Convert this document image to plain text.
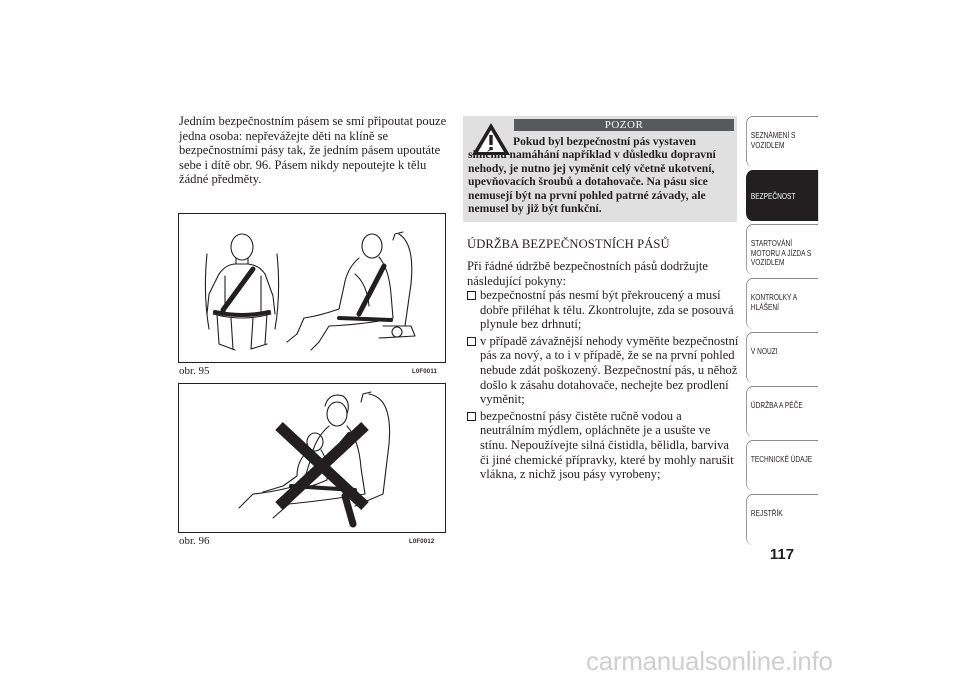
Jedním bezpečnostním pásem se smí připoutat pouze jedna osoba: nepřevážejte děti na klíně se bezpečnostními pásy tak, že jedním pásem upoutáte sebe i dítě obr. 96. Pásem nikdy nepoutejte k tělu žádné předměty.

obr. 95	L0F0011
obr. 96	L0F0012
POZOR

Pokud byl bezpečnostní pás vystaven silnému namáhání například v důsledku dopravní nehody, je nutno jej vyměnit celý včetně ukotvení, upevňovacích šroubů a dotahovače. Na pásu sice nemusejí být na první pohled patrné závady, ale nemusel by již být funkční.

ÚDRŽBA BEZPEČNOSTNÍCH PÁSŮ

Při řádné údržbě bezpečnostních pásů dodržujte následující pokyny:

bezpečnostní pás nesmí být překroucený a musí dobře přiléhat k tělu. Zkontrolujte, zda se posouvá plynule bez drhnutí;
v případě závažnější nehody vyměňte bezpečnostní pás za nový, a to i v případě, že se na první pohled nebude zdát poškozený. Bezpečnostní pás, u něhož došlo k zásahu dotahovače, nechejte bez prodlení vyměnit;
bezpečnostní pásy čistěte ručně vodou a neutrálním mýdlem, opláchněte je a usušte ve stínu. Nepoužívejte silná čistidla, bělidla, barviva či jiné chemické přípravky, které by mohly narušit vlákna, z nichž jsou pásy vyrobeny;
SEZNÁMENÍ S VOZIDLEM
BEZPEČNOST
STARTOVÁNÍ MOTORU A JÍZDA S VOZIDLEM
KONTROLKY A HLÁŠENÍ
V NOUZI
ÚDRŽBA A PÉČE
TECHNICKÉ ÚDAJE
REJSTŘÍK
117
carmanualsonline.info
